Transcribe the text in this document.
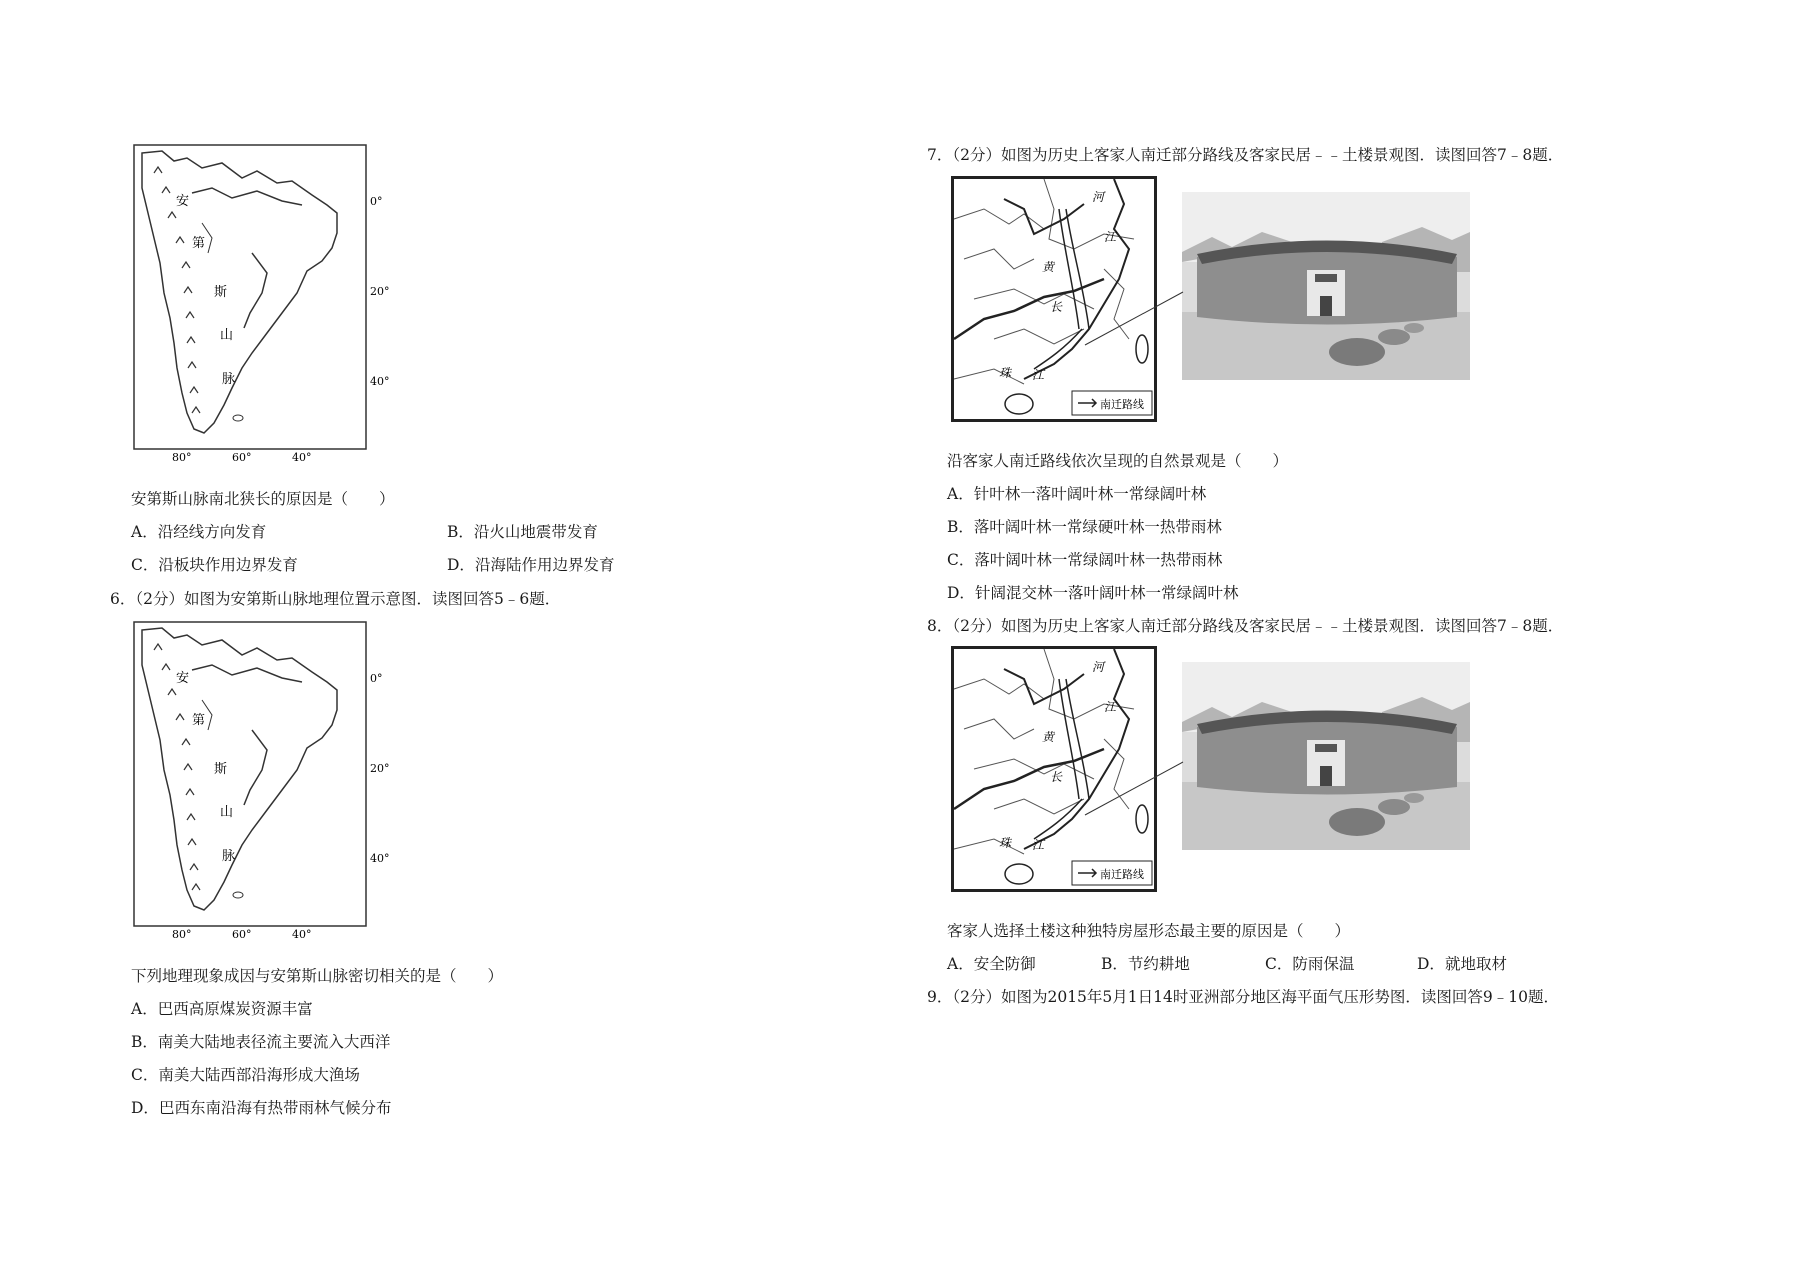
安
第
斯
山
脉
0°
20°
40°
80°	60°	40°
安第斯山脉南北狭长的原因是（　　）
A．沿经线方向发育	B．沿火山地震带发育
C．沿板块作用边界发育	D．沿海陆作用边界发育
6．（2分）如图为安第斯山脉地理位置示意图．读图回答5﹣6题．
安
第
斯
山
脉
0°
20°
40°
80°	60°	40°
下列地理现象成因与安第斯山脉密切相关的是（　　）
A．巴西高原煤炭资源丰富
B．南美大陆地表径流主要流入大西洋
C．南美大陆西部沿海形成大渔场
D．巴西东南沿海有热带雨林气候分布
7．（2分）如图为历史上客家人南迁部分路线及客家民居﹣﹣土楼景观图．读图回答7﹣8题．
河
黄
江
长
珠 江
南迁路线
沿客家人南迁路线依次呈现的自然景观是（　　）
A．针叶林一落叶阔叶林一常绿阔叶林
B．落叶阔叶林一常绿硬叶林一热带雨林
C．落叶阔叶林一常绿阔叶林一热带雨林
D．针阔混交林一落叶阔叶林一常绿阔叶林
8．（2分）如图为历史上客家人南迁部分路线及客家民居﹣﹣土楼景观图．读图回答7﹣8题．
河
黄
江
长
珠 江
南迁路线
客家人选择土楼这种独特房屋形态最主要的原因是（　　）
A．安全防御	B．节约耕地	C．防雨保温	D．就地取材
9．（2分）如图为2015年5月1日14时亚洲部分地区海平面气压形势图．读图回答9﹣10题．
